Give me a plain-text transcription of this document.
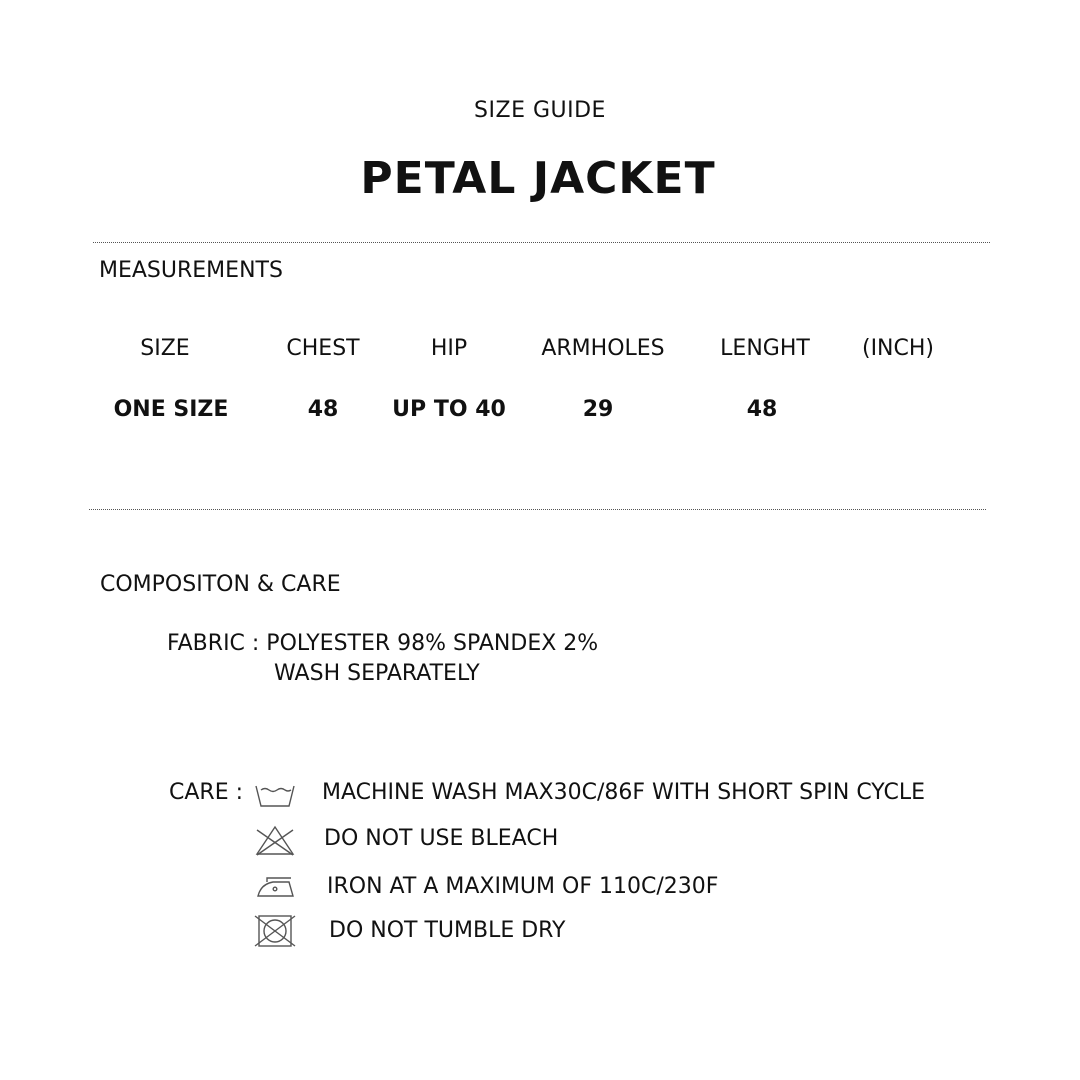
SIZE GUIDE
PETAL JACKET
MEASUREMENTS
SIZE	CHEST	HIP	ARMHOLES	LENGHT	(INCH)
ONE SIZE	48	UP TO 40	29	48
COMPOSITON & CARE
FABRIC : POLYESTER 98% SPANDEX 2%
WASH SEPARATELY
CARE :	MACHINE WASH MAX30C/86F WITH SHORT SPIN CYCLE
DO NOT USE BLEACH
IRON AT A MAXIMUM OF 110C/230F
DO NOT TUMBLE DRY
